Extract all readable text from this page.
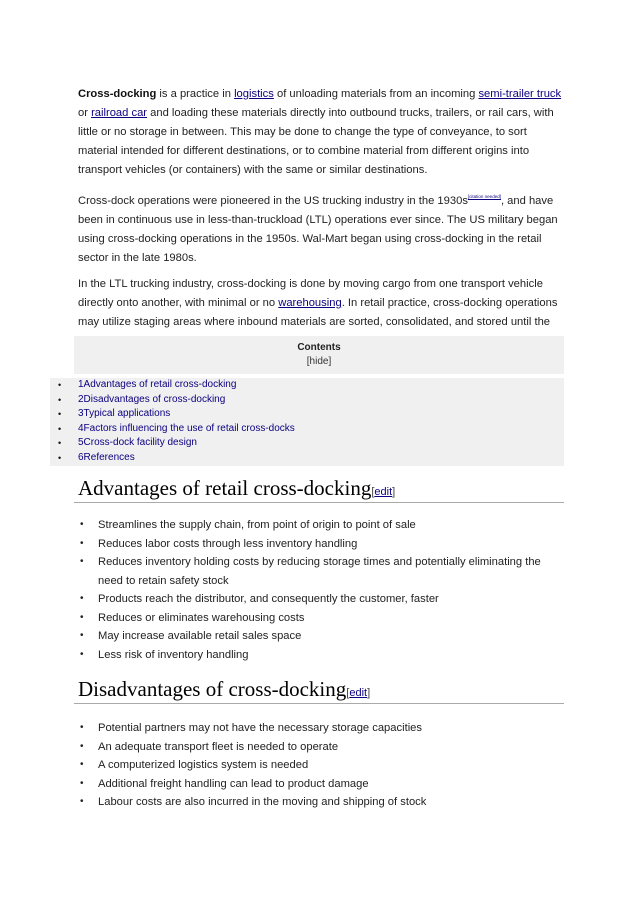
Cross-docking is a practice in logistics of unloading materials from an incoming semi-trailer truck or railroad car and loading these materials directly into outbound trucks, trailers, or rail cars, with little or no storage in between. This may be done to change the type of conveyance, to sort material intended for different destinations, or to combine material from different origins into transport vehicles (or containers) with the same or similar destinations.

Cross-dock operations were pioneered in the US trucking industry in the 1930s[citation needed], and have been in continuous use in less-than-truckload (LTL) operations ever since. The US military began using cross-docking operations in the 1950s. Wal-Mart began using cross-docking in the retail sector in the late 1980s.

In the LTL trucking industry, cross-docking is done by moving cargo from one transport vehicle directly onto another, with minimal or no warehousing. In retail practice, cross-docking operations may utilize staging areas where inbound materials are sorted, consolidated, and stored until the

Contents
[hide]
• 1Advantages of retail cross-docking
• 2Disadvantages of cross-docking
• 3Typical applications
• 4Factors influencing the use of retail cross-docks
• 5Cross-dock facility design
• 6References
Advantages of retail cross-docking[edit]
• Streamlines the supply chain, from point of origin to point of sale
• Reduces labor costs through less inventory handling
• Reduces inventory holding costs by reducing storage times and potentially eliminating the need to retain safety stock
• Products reach the distributor, and consequently the customer, faster
• Reduces or eliminates warehousing costs
• May increase available retail sales space
• Less risk of inventory handling
Disadvantages of cross-docking[edit]
• Potential partners may not have the necessary storage capacities
• An adequate transport fleet is needed to operate
• A computerized logistics system is needed
• Additional freight handling can lead to product damage
• Labour costs are also incurred in the moving and shipping of stock
